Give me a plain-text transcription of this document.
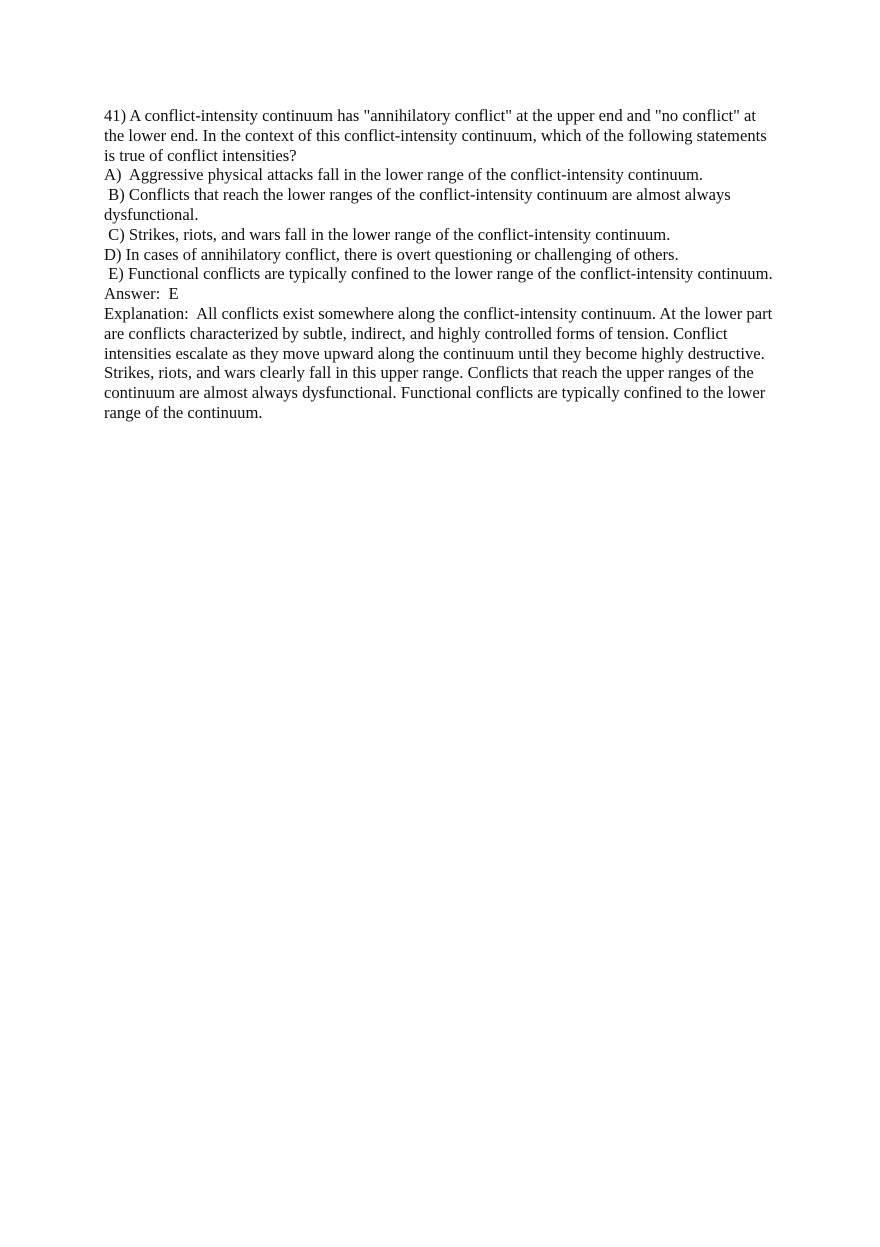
41) A conflict-intensity continuum has "annihilatory conflict" at the upper end and "no conflict" at the lower end. In the context of this conflict-intensity continuum, which of the following statements is true of conflict intensities?

A)  Aggressive physical attacks fall in the lower range of the conflict-intensity continuum.

B) Conflicts that reach the lower ranges of the conflict-intensity continuum are almost always dysfunctional.

C) Strikes, riots, and wars fall in the lower range of the conflict-intensity continuum.

D) In cases of annihilatory conflict, there is overt questioning or challenging of others.

E) Functional conflicts are typically confined to the lower range of the conflict-intensity continuum.

Answer:  E

Explanation:  All conflicts exist somewhere along the conflict-intensity continuum. At the lower part are conflicts characterized by subtle, indirect, and highly controlled forms of tension. Conflict intensities escalate as they move upward along the continuum until they become highly destructive. Strikes, riots, and wars clearly fall in this upper range. Conflicts that reach the upper ranges of the continuum are almost always dysfunctional. Functional conflicts are typically confined to the lower range of the continuum.
